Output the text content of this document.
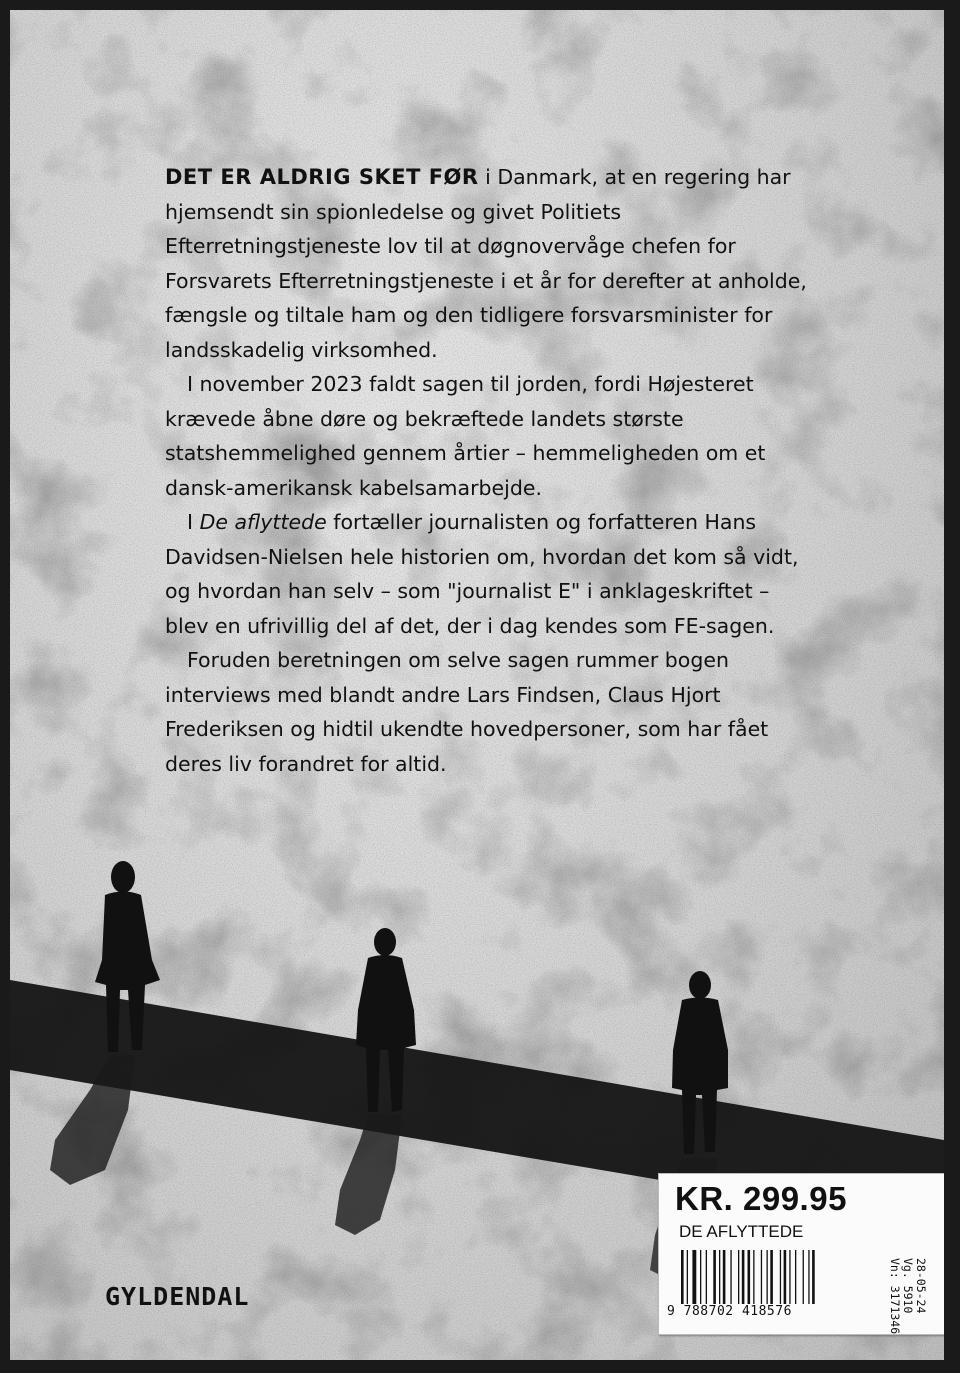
DET ER ALDRIG SKET FØR i Danmark, at en regering har hjemsendt sin spionledelse og givet Politiets Efterretningstjeneste lov til at døgnovervåge chefen for Forsvarets Efterretningstjeneste i et år for derefter at anholde, fængsle og tiltale ham og den tidligere forsvarsminister for landsskadelig virksomhed.

I november 2023 faldt sagen til jorden, fordi Højesteret krævede åbne døre og bekræftede landets største statshemmelighed gennem årtier – hemmeligheden om et dansk-amerikansk kabelsamarbejde.

I De aflyttede fortæller journalisten og forfatteren Hans Davidsen-Nielsen hele historien om, hvordan det kom så vidt, og hvordan han selv – som "journalist E" i anklageskriftet – blev en ufrivillig del af det, der i dag kendes som FE-sagen.

Foruden beretningen om selve sagen rummer bogen interviews med blandt andre Lars Findsen, Claus Hjort Frederiksen og hidtil ukendte hovedpersoner, som har fået deres liv forandret for altid.

GYLDENDAL
KR. 299.95
DE AFLYTTEDE
9 788702 418576	28-05-24
Vg. 5910
Vn: 3171346
